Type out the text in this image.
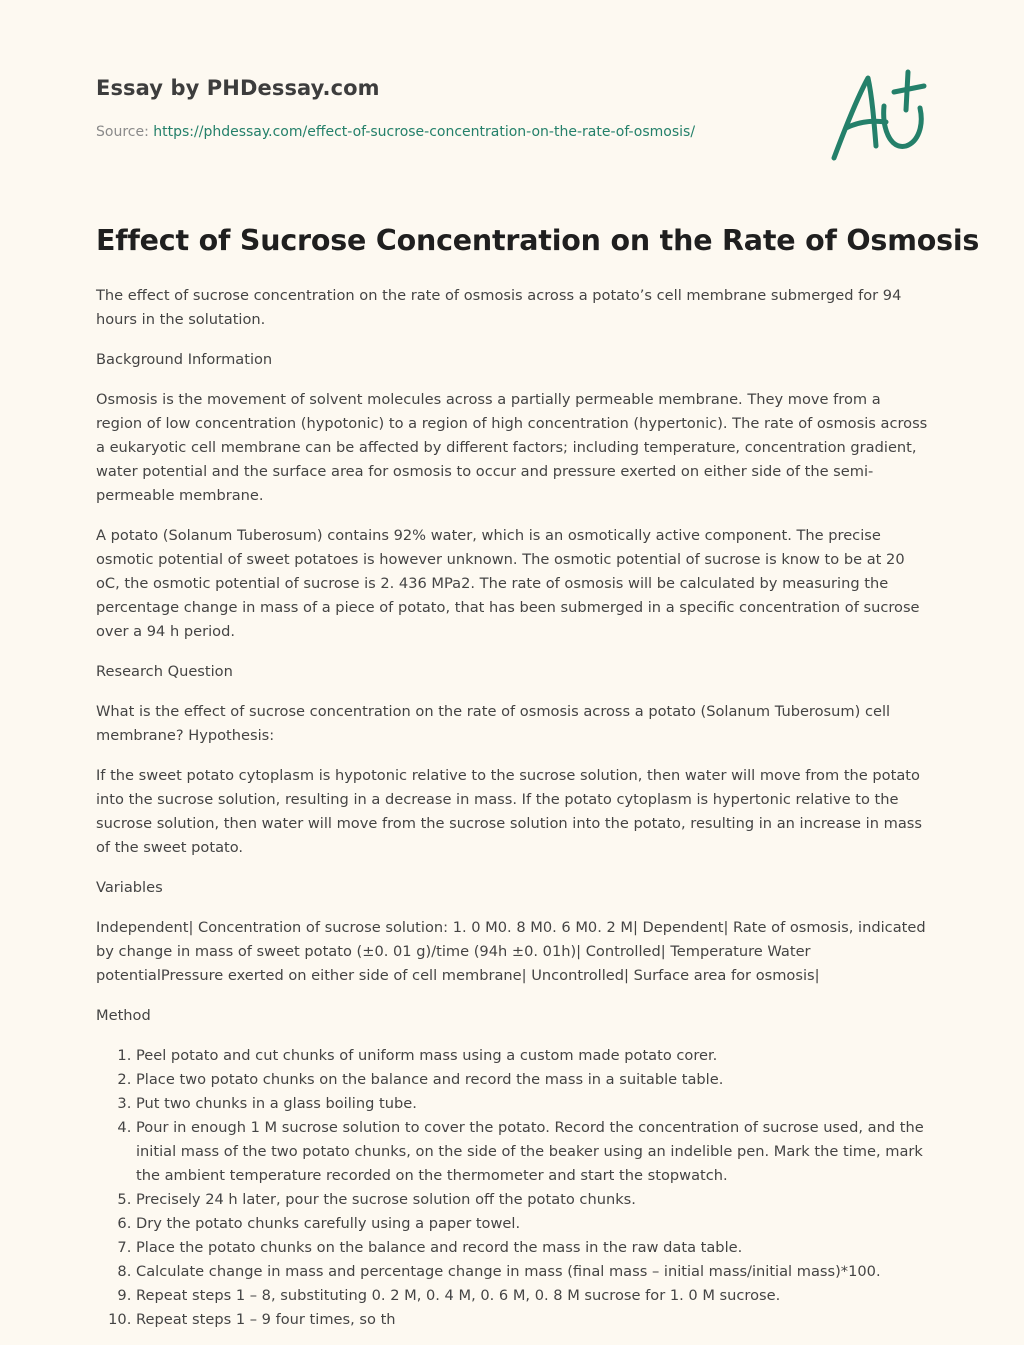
Essay by PHDessay.com
Source: https://phdessay.com/effect-of-sucrose-concentration-on-the-rate-of-osmosis/
Effect of Sucrose Concentration on the Rate of Osmosis

The effect of sucrose concentration on the rate of osmosis across a potato’s cell membrane submerged for 94 hours in the solutation.

Background Information

Osmosis is the movement of solvent molecules across a partially permeable membrane. They move from a region of low concentration (hypotonic) to a region of high concentration (hypertonic). The rate of osmosis across a eukaryotic cell membrane can be affected by different factors; including temperature, concentration gradient, water potential and the surface area for osmosis to occur and pressure exerted on either side of the semi-permeable membrane.

A potato (Solanum Tuberosum) contains 92% water, which is an osmotically active component. The precise osmotic potential of sweet potatoes is however unknown. The osmotic potential of sucrose is know to be at 20 oC, the osmotic potential of sucrose is 2. 436 MPa2. The rate of osmosis will be calculated by measuring the percentage change in mass of a piece of potato, that has been submerged in a specific concentration of sucrose over a 94 h period.

Research Question

What is the effect of sucrose concentration on the rate of osmosis across a potato (Solanum Tuberosum) cell membrane? Hypothesis:

If the sweet potato cytoplasm is hypotonic relative to the sucrose solution, then water will move from the potato into the sucrose solution, resulting in a decrease in mass. If the potato cytoplasm is hypertonic relative to the sucrose solution, then water will move from the sucrose solution into the potato, resulting in an increase in mass of the sweet potato.

Variables

Independent| Concentration of sucrose solution: 1. 0 M0. 8 M0. 6 M0. 2 M| Dependent| Rate of osmosis, indicated by change in mass of sweet potato (±0. 01 g)/time (94h ±0. 01h)| Controlled| Temperature Water potentialPressure exerted on either side of cell membrane| Uncontrolled| Surface area for osmosis|

Method

1. Peel potato and cut chunks of uniform mass using a custom made potato corer.
2. Place two potato chunks on the balance and record the mass in a suitable table.
3. Put two chunks in a glass boiling tube.
4. Pour in enough 1 M sucrose solution to cover the potato. Record the concentration of sucrose used, and the initial mass of the two potato chunks, on the side of the beaker using an indelible pen. Mark the time, mark the ambient temperature recorded on the thermometer and start the stopwatch.
5. Precisely 24 h later, pour the sucrose solution off the potato chunks.
6. Dry the potato chunks carefully using a paper towel.
7. Place the potato chunks on the balance and record the mass in the raw data table.
8. Calculate change in mass and percentage change in mass (final mass – initial mass/initial mass)*100.
9. Repeat steps 1 – 8, substituting 0. 2 M, 0. 4 M, 0. 6 M, 0. 8 M sucrose for 1. 0 M sucrose.
10. Repeat steps 1 – 9 four times, so th
